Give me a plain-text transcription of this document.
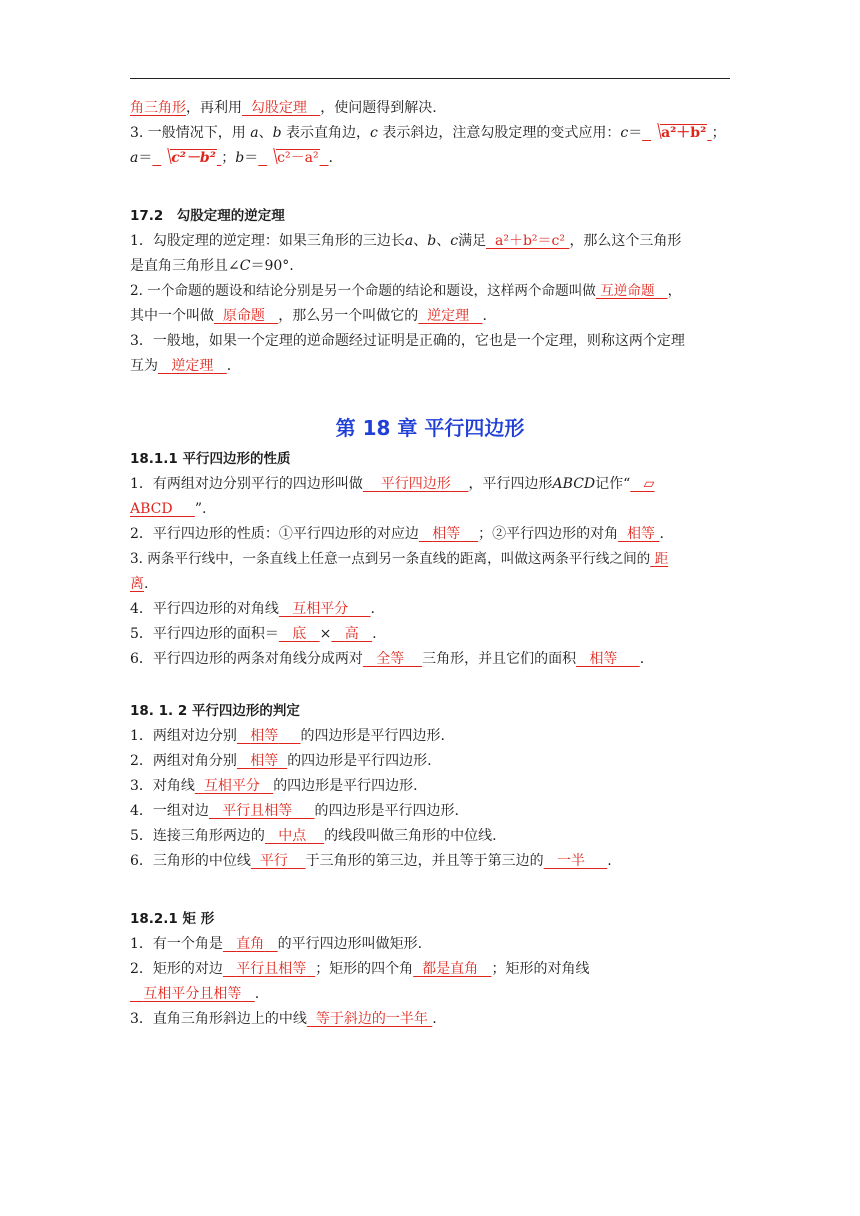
角三角形，再利用 勾股定理 ，使问题得到解决.
3. 一般情况下，用 a、b 表示直角边，c 表示斜边，注意勾股定理的变式应用：c＝ a²＋b² ；
a＝ c²－b² ；b＝ c²－a² .
17.2　勾股定理的逆定理
1．勾股定理的逆定理：如果三角形的三边长a、b、c满足 a²＋b²＝c² ，那么这个三角形
是直角三角形且∠C＝90°.
2. 一个命题的题设和结论分别是另一个命题的结论和题设，这样两个命题叫做 互逆命题 ，
其中一个叫做 原命题 ，那么另一个叫做它的 逆定理 .
3．一般地，如果一个定理的逆命题经过证明是正确的，它也是一个定理，则称这两个定理
互为 逆定理 .
第 18 章 平行四边形
18.1.1 平行四边形的性质
1．有两组对边分别平行的四边形叫做 平行四边形 ，平行四边形ABCD记作“ ▱
ABCD ”.
2．平行四边形的性质：①平行四边形的对应边 相等 ；②平行四边形的对角 相等 .
3. 两条平行线中，一条直线上任意一点到另一条直线的距离，叫做这两条平行线之间的 距
离.
4．平行四边形的对角线 互相平分 .
5．平行四边形的面积＝ 底 × 高 .
6．平行四边形的两条对角线分成两对 全等 三角形，并且它们的面积 相等 .
18. 1. 2 平行四边形的判定
1．两组对边分别 相等 的四边形是平行四边形.
2．两组对角分别 相等 的四边形是平行四边形.
3．对角线 互相平分 的四边形是平行四边形.
4．一组对边 平行且相等 的四边形是平行四边形.
5．连接三角形两边的 中点 的线段叫做三角形的中位线.
6．三角形的中位线 平行 于三角形的第三边，并且等于第三边的 一半 .
18.2.1 矩 形
1．有一个角是 直角 的平行四边形叫做矩形.
2．矩形的对边 平行且相等 ；矩形的四个角 都是直角 ；矩形的对角线
互相平分且相等 .
3．直角三角形斜边上的中线 等于斜边的一半年 .
